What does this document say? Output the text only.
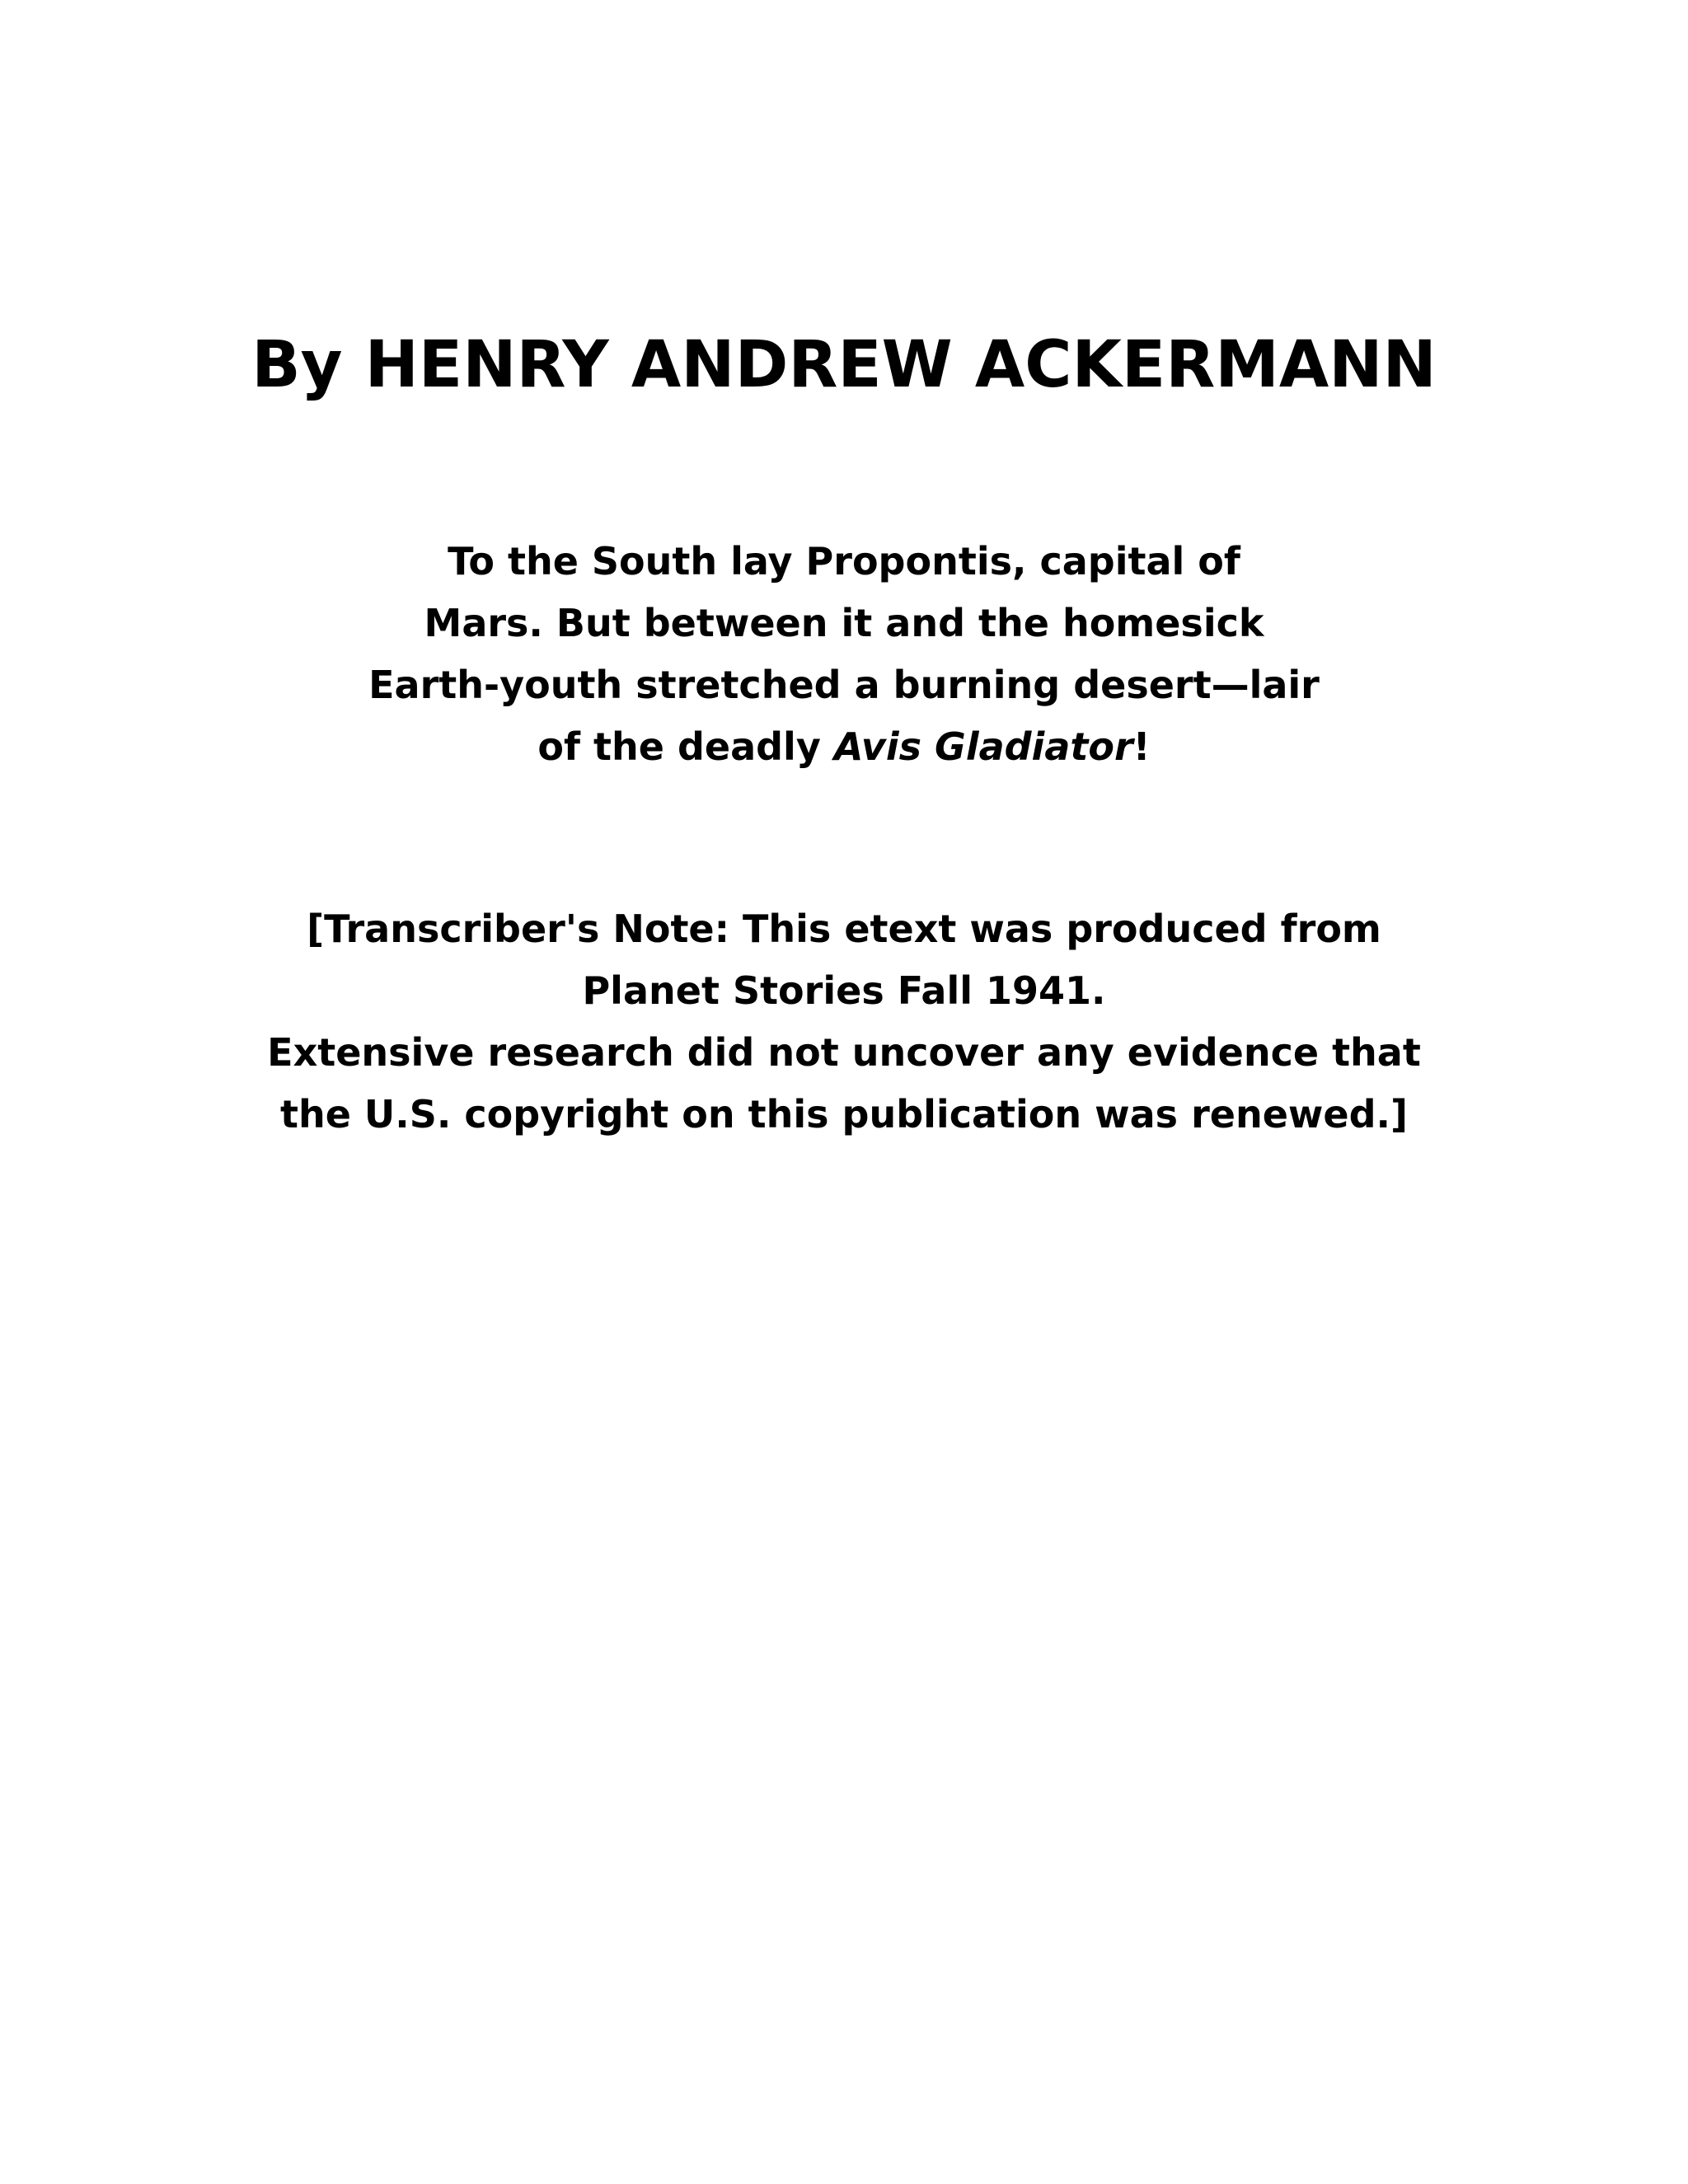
By HENRY ANDREW ACKERMANN
To the South lay Propontis, capital of
Mars. But between it and the homesick
Earth-youth stretched a burning desert—lair
of the deadly Avis Gladiator!
[Transcriber's Note: This etext was produced from
Planet Stories Fall 1941.
Extensive research did not uncover any evidence that
the U.S. copyright on this publication was renewed.]
